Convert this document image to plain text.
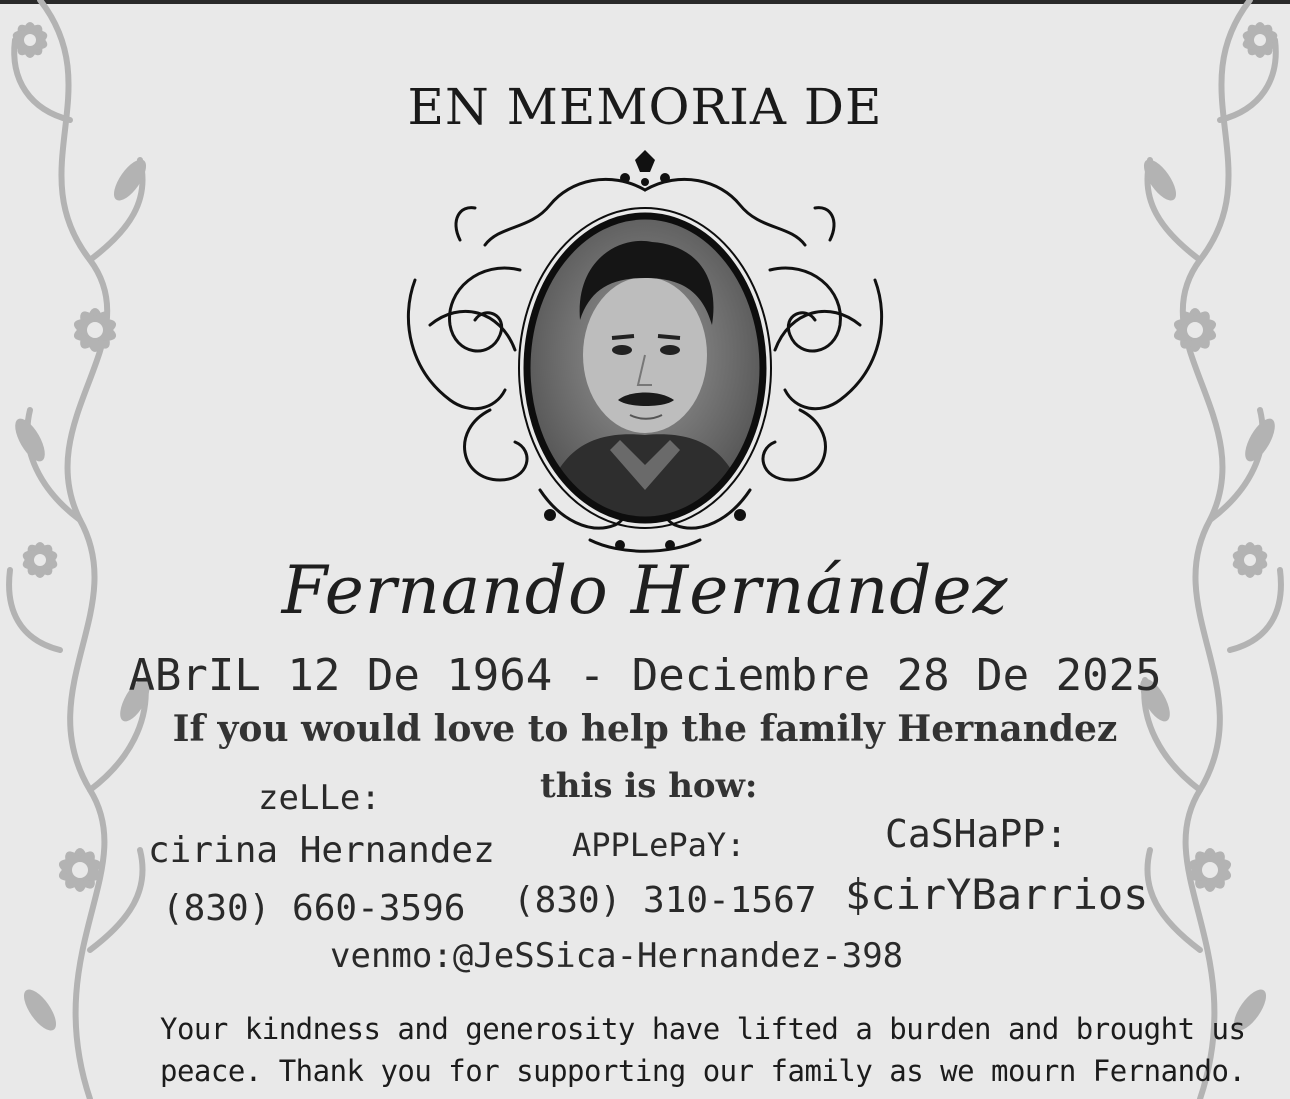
EN MEMORIA DE
Fernando Hernández
ABrIL 12 De 1964 - Deciembre 28 De 2025
If you would love to help the family Hernandez
this is how:
zeLLe:
cirina Hernandez
(830) 660-3596
APPLePaY:
(830) 310-1567
CaSHaPP:
$cirYBarrios
venmo:@JeSSica-Hernandez-398
Your kindness and generosity have lifted a burden and brought us
peace. Thank you for supporting our family as we mourn Fernando.
